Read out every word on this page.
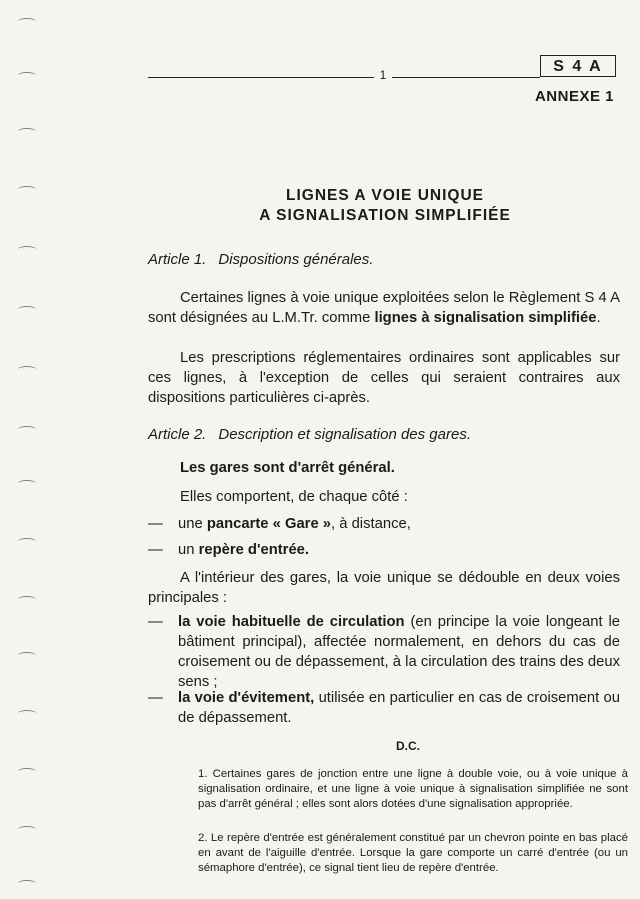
1	S 4 A
ANNEXE 1
LIGNES A VOIE UNIQUE
A SIGNALISATION SIMPLIFIÉE
Article 1. Dispositions générales.
Certaines lignes à voie unique exploitées selon le Règlement S 4 A sont désignées au L.M.Tr. comme lignes à signalisation simplifiée.
Les prescriptions réglementaires ordinaires sont applicables sur ces lignes, à l'exception de celles qui seraient contraires aux dispositions particulières ci-après.
Article 2. Description et signalisation des gares.
Les gares sont d'arrêt général.
Elles comportent, de chaque côté :
— une pancarte « Gare », à distance,
— un repère d'entrée.
A l'intérieur des gares, la voie unique se dédouble en deux voies principales :
— la voie habituelle de circulation (en principe la voie longeant le bâtiment principal), affectée normalement, en dehors du cas de croisement ou de dépassement, à la circulation des trains des deux sens ;
— la voie d'évitement, utilisée en particulier en cas de croisement ou de dépassement.
D.C.
1. Certaines gares de jonction entre une ligne à double voie, ou à voie unique à signalisation ordinaire, et une ligne à voie unique à signalisation simplifiée ne sont pas d'arrêt général ; elles sont alors dotées d'une signalisation appropriée.
2. Le repère d'entrée est généralement constitué par un chevron pointe en bas placé en avant de l'aiguille d'entrée. Lorsque la gare comporte un carré d'entrée (ou un sémaphore d'entrée), ce signal tient lieu de repère d'entrée.
